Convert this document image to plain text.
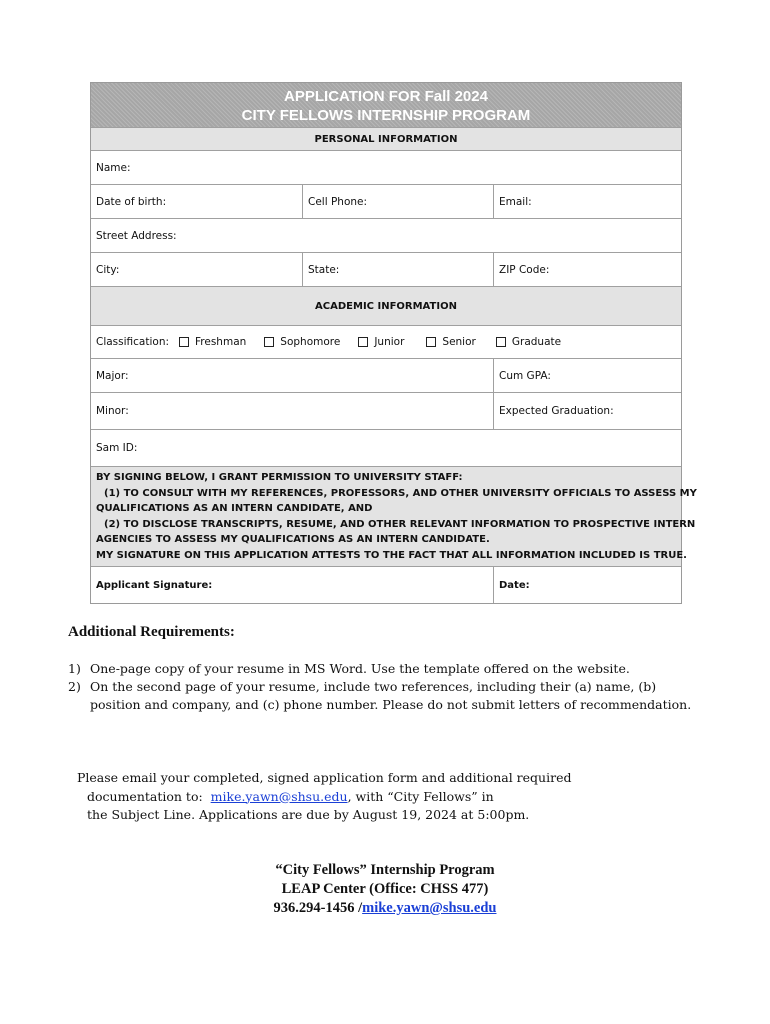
APPLICATION FOR Fall 2024
CITY FELLOWS INTERNSHIP PROGRAM
PERSONAL INFORMATION
Name:
Date of birth:	Cell Phone:	Email:
Street Address:
City:	State:	ZIP Code:
ACADEMIC INFORMATION
Classification: Freshman	Sophomore	Junior	Senior	Graduate
Major:	Cum GPA:
Minor:	Expected Graduation:
Sam ID:
BY SIGNING BELOW, I GRANT PERMISSION TO UNIVERSITY STAFF:
(1) TO CONSULT WITH MY REFERENCES, PROFESSORS, AND OTHER UNIVERSITY OFFICIALS TO ASSESS MY
QUALIFICATIONS AS AN INTERN CANDIDATE, AND
(2) TO DISCLOSE TRANSCRIPTS, RESUME, AND OTHER RELEVANT INFORMATION TO PROSPECTIVE INTERN
AGENCIES TO ASSESS MY QUALIFICATIONS AS AN INTERN CANDIDATE.
MY SIGNATURE ON THIS APPLICATION ATTESTS TO THE FACT THAT ALL INFORMATION INCLUDED IS TRUE.
Applicant Signature:	Date:
Additional Requirements:
1) One-page copy of your resume in MS Word. Use the template offered on the website.
2) On the second page of your resume, include two references, including their (a) name, (b) position and company, and (c) phone number. Please do not submit letters of recommendation.
Please email your completed, signed application form and additional required
documentation to: mike.yawn@shsu.edu, with “City Fellows” in
the Subject Line. Applications are due by August 19, 2024 at 5:00pm.
“City Fellows” Internship Program
LEAP Center (Office: CHSS 477)
936.294-1456 /mike.yawn@shsu.edu
